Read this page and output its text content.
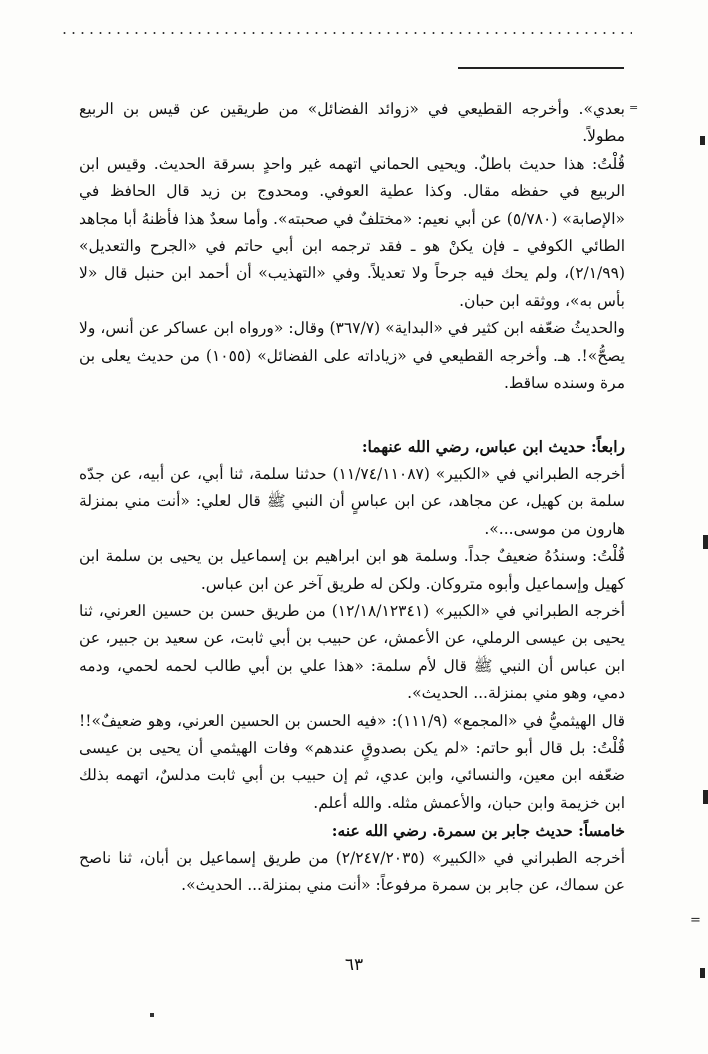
=
=

بعدي». وأخرجه القطيعي في «زوائد الفضائل» من طريقين عن قيس بن الربيع مطولاً.

قُلْتُ: هذا حديث باطلٌ. ويحيى الحماني اتهمه غير واحدٍ بسرقة الحديث. وقيس ابن الربيع في حفظه مقال. وكذا عطية العوفي. ومحدوج بن زيد قال الحافظ في «الإصابة» (٥/٧٨٠) عن أبي نعيم: «مختلفٌ في صحبته». وأما سعدٌ هذا فأظنهُ أبا مجاهد الطائي الكوفي ـ فإن يكنْ هو ـ فقد ترجمه ابن أبي حاتم في «الجرح والتعديل» (٢/١/٩٩)، ولم يحك فيه جرحاً ولا تعديلاً. وفي «التهذيب» أن أحمد ابن حنبل قال «لا بأس به»، ووثقه ابن حبان.

والحديثُ ضعّفه ابن كثير في «البداية» (٣٦٧/٧) وقال: «ورواه ابن عساكر عن أنس، ولا يصحُّ»!. هـ. وأخرجه القطيعي في «زياداته على الفضائل» (١٠٥٥) من حديث يعلى بن مرة وسنده ساقط.

رابعاً: حديث ابن عباس، رضي الله عنهما:

أخرجه الطبراني في «الكبير» (١١/٧٤/١١٠٨٧) حدثنا سلمة، ثنا أبي، عن أبيه، عن جدّه سلمة بن كهيل، عن مجاهد، عن ابن عباسٍ أن النبي ﷺ قال لعلي: «أنت مني بمنزلة هارون من موسى...».

قُلْتُ: وسندُهُ ضعيفٌ جداً. وسلمة هو ابن ابراهيم بن إسماعيل بن يحيى بن سلمة ابن كهيل وإسماعيل وأبوه متروكان. ولكن له طريق آخر عن ابن عباس.

أخرجه الطبراني في «الكبير» (١٢/١٨/١٢٣٤١) من طريق حسن بن حسين العرني، ثنا يحيى بن عيسى الرملي، عن الأعمش، عن حبيب بن أبي ثابت، عن سعيد بن جبير، عن ابن عباس أن النبي ﷺ قال لأم سلمة: «هذا علي بن أبي طالب لحمه لحمي، ودمه دمي، وهو مني بمنزلة... الحديث».

قال الهيثميُّ في «المجمع» (١١١/٩): «فيه الحسن بن الحسين العرني، وهو ضعيفٌ»!! قُلْتُ: بل قال أبو حاتم: «لم يكن بصدوقٍ عندهم» وفات الهيثمي أن يحيى بن عيسى ضعّفه ابن معين، والنسائي، وابن عدي، ثم إن حبيب بن أبي ثابت مدلسٌ، اتهمه بذلك ابن خزيمة وابن حبان، والأعمش مثله. والله أعلم.

خامساً: حديث جابر بن سمرة. رضي الله عنه:

أخرجه الطبراني في «الكبير» (٢/٢٤٧/٢٠٣٥) من طريق إسماعيل بن أبان، ثنا ناصح عن سماك، عن جابر بن سمرة مرفوعاً: «أنت مني بمنزلة... الحديث».

٦٣
